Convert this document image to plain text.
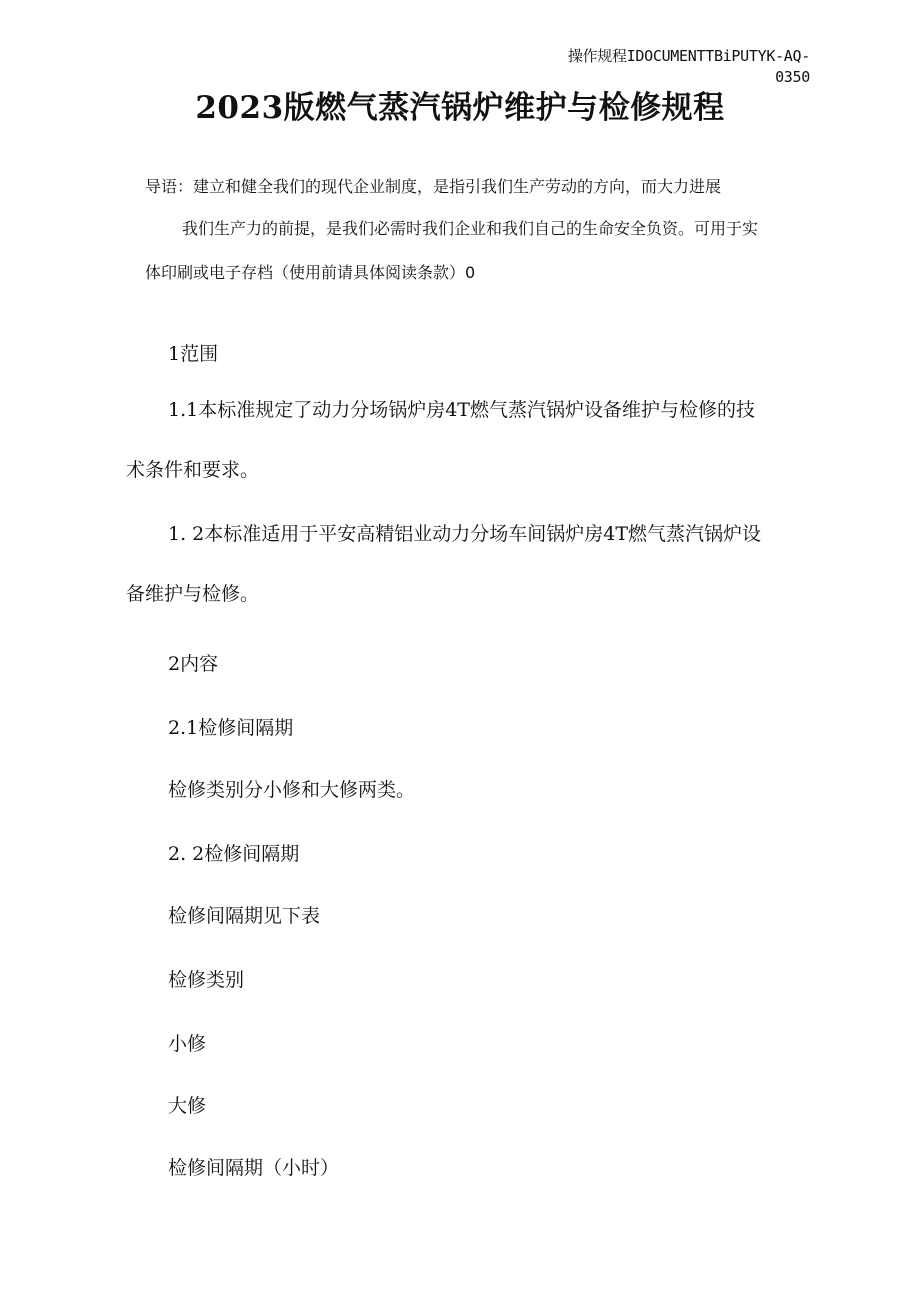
操作规程IDOCUMENTTBiPUTYK-AQ-
0350
2023版燃气蒸汽锅炉维护与检修规程
导语：建立和健全我们的现代企业制度，是指引我们生产劳动的方向，而大力进展
我们生产力的前提，是我们必需时我们企业和我们自己的生命安全负资。可用于实
体印刷或电子存档（使用前请具体阅读条款）0
1范围
1.1本标准规定了动力分场锅炉房4T燃气蒸汽锅炉设备维护与检修的技
术条件和要求。
1. 2本标准适用于平安高精铝业动力分场车间锅炉房4T燃气蒸汽锅炉设
备维护与检修。
2内容
2.1检修间隔期
检修类别分小修和大修两类。
2. 2检修间隔期
检修间隔期见下表
检修类别
小修
大修
检修间隔期（小时）
